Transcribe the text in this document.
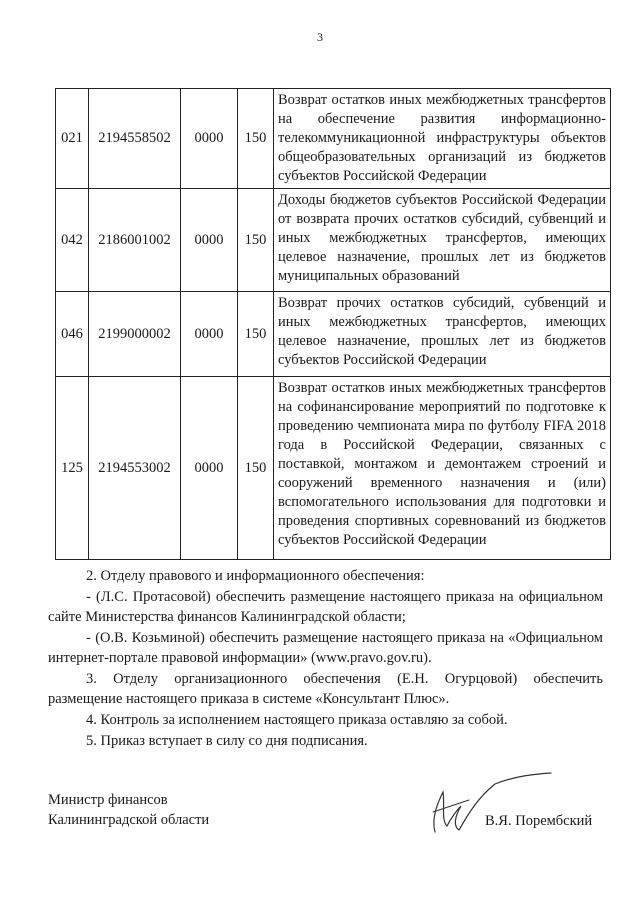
3
021	2194558502	0000	150	Возврат остатков иных межбюджетных трансфертов на обеспечение развития информационно-телекоммуникационной инфраструктуры объектов общеобразовательных организаций из бюджетов субъектов Российской Федерации
042	2186001002	0000	150	Доходы бюджетов субъектов Российской Федерации от возврата прочих остатков субсидий, субвенций и иных межбюджетных трансфертов, имеющих целевое назначение, прошлых лет из бюджетов муниципальных образований
046	2199000002	0000	150	Возврат прочих остатков субсидий, субвенций и иных межбюджетных трансфертов, имеющих целевое назначение, прошлых лет из бюджетов субъектов Российской Федерации
125	2194553002	0000	150	Возврат остатков иных межбюджетных трансфертов на софинансирование мероприятий по подготовке к проведению чемпионата мира по футболу FIFA 2018 года в Российской Федерации, связанных с поставкой, монтажом и демонтажем строений и сооружений временного назначения и (или) вспомогательного использования для подготовки и проведения спортивных соревнований из бюджетов субъектов Российской Федерации

2. Отделу правового и информационного обеспечения:

- (Л.С. Протасовой) обеспечить размещение настоящего приказа на официальном сайте Министерства финансов Калининградской области;

- (О.В. Козьминой) обеспечить размещение настоящего приказа на «Официальном интернет-портале правовой информации» (www.pravo.gov.ru).

3. Отделу организационного обеспечения (Е.Н. Огурцовой) обеспечить размещение настоящего приказа в системе «Консультант Плюс».

4. Контроль за исполнением настоящего приказа оставляю за собой.

5. Приказ вступает в силу со дня подписания.

Министр финансов
Калининградской области	В.Я. Порембский
